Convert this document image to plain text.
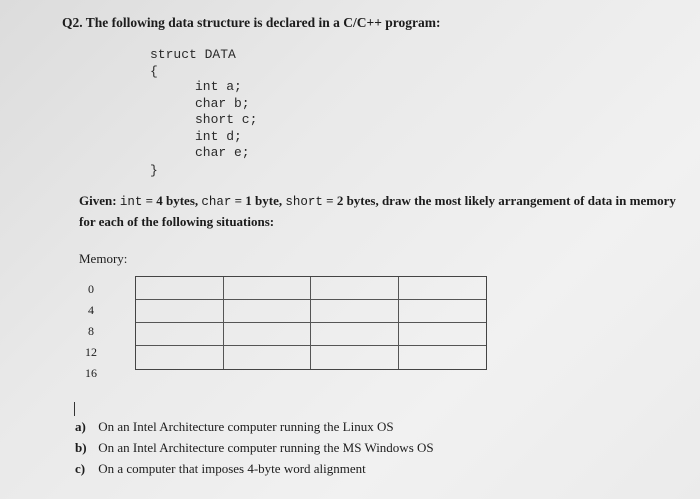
Q2. The following data structure is declared in a C/C++ program:
struct DATA
{
int a;
char b;
short c;
int d;
char e;
}
Given: int = 4 bytes, char = 1 byte, short = 2 bytes, draw the most likely arrangement of data in memory for each of the following situations:
Memory:
0
4
8
12
16
a) On an Intel Architecture computer running the Linux OS
b) On an Intel Architecture computer running the MS Windows OS
c) On a computer that imposes 4-byte word alignment
